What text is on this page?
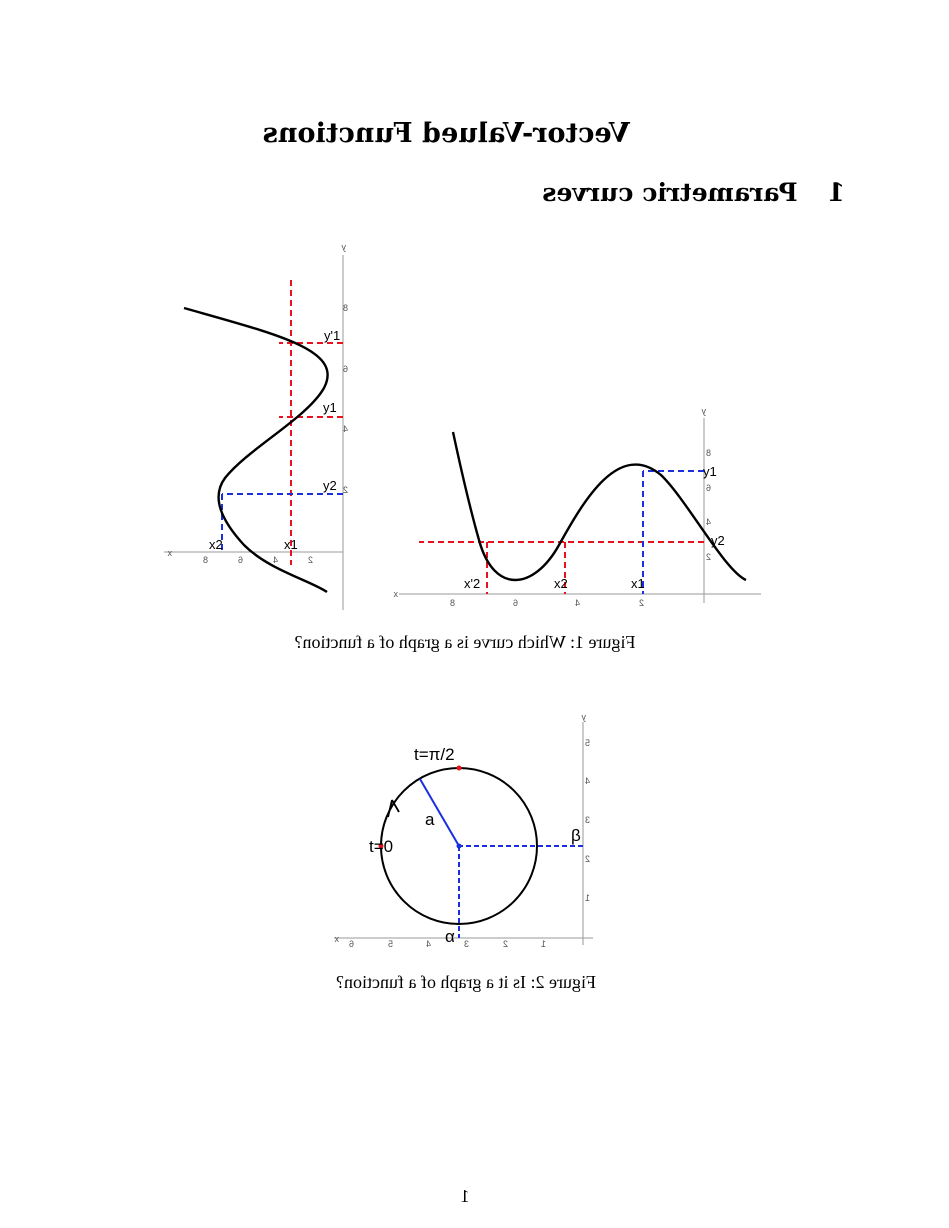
Vector-Valued Functions
1Parametric curves
y
x
2
4
6
8
2
4
6
8
y'1
y1
y2
x1
x2
y
x
2
4
6
8
2
4
6
8
y1
y2
x1
x2
x'2
y
x
1
2
3
4
5
1
2
3
4
5
6
t=π/2
t=0
a
β
α
Figure 1: Which curve is a graph of a function?
Figure 2: Is it a graph of a function?
1
